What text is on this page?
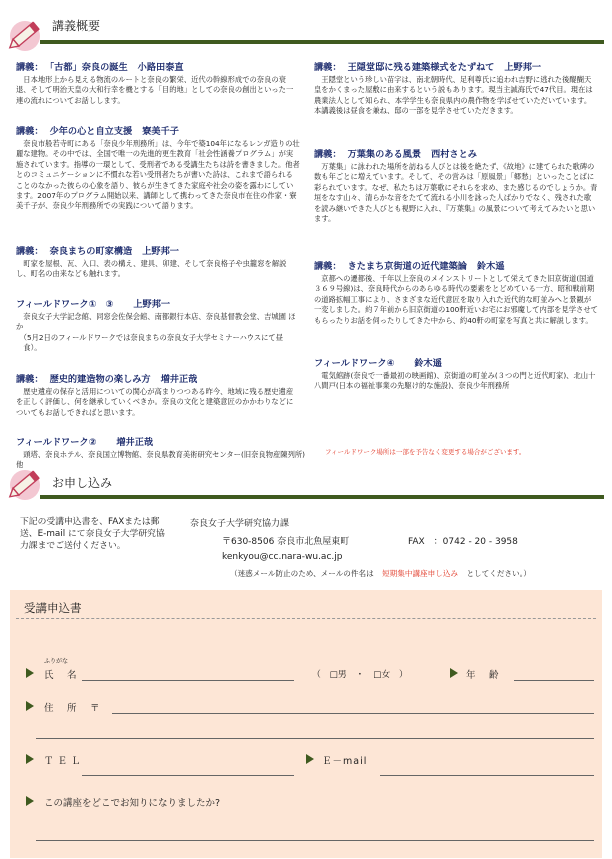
講義概要
講義： 「古都」奈良の誕生 小路田泰直

日本地形上から見える物流のルートと奈良の繁栄、近代の幹線形成での奈良の衰退、そして明治天皇の大和行幸を機とする「目的地」としての奈良の創出といった一連の流れについてお話しします。

講義： 少年の心と自立支援 寮美千子

奈良市般若寺町にある「奈良少年刑務所」は、今年で築104年になるレンガ造りの壮麗な建物。その中では、全国で唯一の先進的更生教育「社会性涵養プログラム」が実施されています。指導の一環として、受刑者である受講生たちは詩を書きました。他者とのコミュニケーションに不慣れな若い受刑者たちが書いた詩は、これまで語られることのなかった彼らの心象を語り、彼らが生きてきた家庭や社会の姿を露わにしています。2007年のプログラム開始以来、講師として携わってきた奈良市在住の作家・寮美千子が、奈良少年刑務所での実践について語ります。

講義： 奈良まちの町家構造 上野邦一

町家を屋根、瓦、入口、表の構え、建具、卯建、そして奈良格子や虫籠窓を解説し、町名の由来なども触れます。

フィールドワーク①　③ 上野邦一

奈良女子大学記念館、同窓会佐保会館、南都銀行本店、奈良基督教会堂、吉城園 ほか

（5月2日のフィールドワークでは奈良まちの奈良女子大学セミナーハウスにて昼食）。

講義： 歴史的建造物の楽しみ方 増井正哉

歴史遺産の保存と活用についての関心が高まりつつある昨今、地域に残る歴史遺産を正しく評価し、何を継承していくべきか。奈良の文化と建築意匠のかかわりなどについてもお話しできればと思います。

フィールドワーク② 増井正哉

頭塔、奈良ホテル、奈良国立博物館、奈良県教育美術研究センター(旧奈良物産陳列所) 他

講義： 王隠堂邸に残る建築様式をたずねて 上野邦一

王隠堂という珍しい苗字は、南北朝時代、足利尊氏に追われ吉野に逃れた後醍醐天皇をかくまった屋敷に由来するという説もあります。現当主誠海氏で47代目。現在は農業法人として知られ、本学学生も奈良県内の農作物を学ばせていただいています。本講義後は昼食を兼ね、邸の一部を見学させていただきます。

講義： 万葉集のある風景 西村さとみ

万葉集」に詠われた場所を訪ねる人びとは後を絶たず、《故地》に建てられた歌碑の数も年ごとに増えています。そして、その営みは「原風景」「郷愁」といったことばに彩られています。なぜ、私たちは万葉歌にそれらを求め、また感じるのでしょうか。青垣をなす山々、清らかな音をたてて流れる小川を詠った人ばかりでなく、残された歌を読み継いできた人びとも視野に入れ、『万葉集』の風景について考えてみたいと思います。

講義： きたまち京街道の近代建築論 鈴木遥

京都への遷都後、千年以上奈良のメインストリートとして栄えてきた旧京街道(国道３６９号線)は、奈良時代からのあらゆる時代の要素をとどめている一方、昭和戦前期の道路拡幅工事により、さまざまな近代意匠を取り入れた近代的な町並みへと景観が一変しました。約７年前から旧京街道の100軒近いお宅にお邪魔して内部を見学させてもらったりお話を伺ったりしてきた中から、約40軒の町家を写真と共に解説します。

フィールドワーク④ 鈴木遥

電気館跡(奈良で一番最初の映画館)、京街道の町並み(３つの門と近代町家)、北山十八間戸(日本の福祉事業の先駆け的な施設)、奈良少年刑務所

フィールドワーク場所は一部を予告なく変更する場合がございます。
お申し込み
下記の受講申込書を、FAXまたは郵送、E-mail にて奈良女子大学研究協力課までご送付ください。
奈良女子大学研究協力課
〒630-8506 奈良市北魚屋東町	FAX　：0742 - 20 - 3958
kenkyou@cc.nara-wu.ac.jp
（迷惑メール防止のため、メールの件名は 短期集中講座申し込み としてください。）
受講申込書
ふりがな
氏　名	（　□男　・　□女　）	年　齢
住　所　〒
ＴＥＬ	Ｅ－mail
この講座をどこでお知りになりましたか?
